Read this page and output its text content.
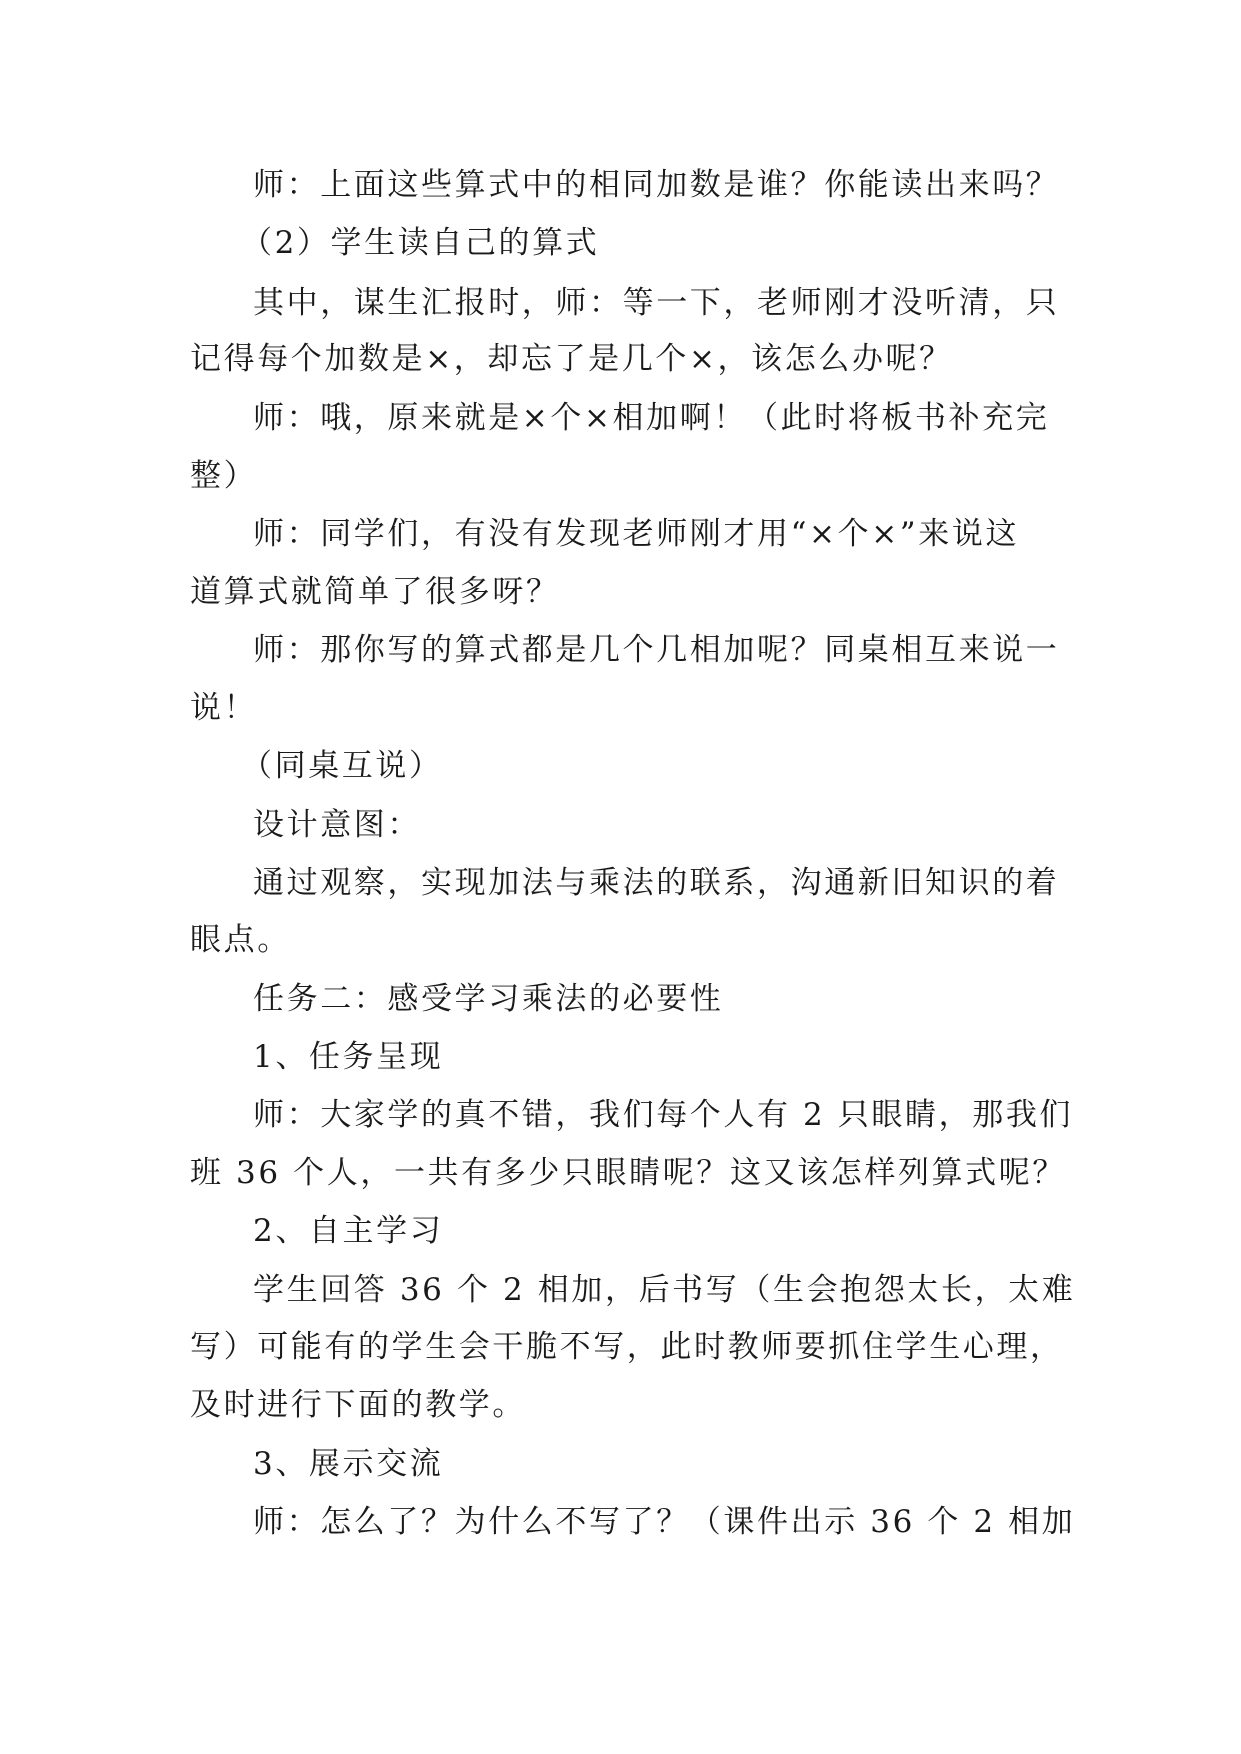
师：上面这些算式中的相同加数是谁？你能读出来吗？
（2）学生读自己的算式
其中，谋生汇报时，师：等一下，老师刚才没听清，只
记得每个加数是×，却忘了是几个×，该怎么办呢？
师：哦，原来就是×个×相加啊！（此时将板书补充完
整）
师：同学们，有没有发现老师刚才用“×个×”来说这
道算式就简单了很多呀？
师：那你写的算式都是几个几相加呢？同桌相互来说一
说！
（同桌互说）
设计意图：
通过观察，实现加法与乘法的联系，沟通新旧知识的着
眼点。
任务二：感受学习乘法的必要性
1、任务呈现
师：大家学的真不错，我们每个人有 2 只眼睛，那我们
班 36 个人，一共有多少只眼睛呢？这又该怎样列算式呢？
2、自主学习
学生回答 36 个 2 相加，后书写（生会抱怨太长，太难
写）可能有的学生会干脆不写，此时教师要抓住学生心理，
及时进行下面的教学。
3、展示交流
师：怎么了？为什么不写了？（课件出示 36 个 2 相加
